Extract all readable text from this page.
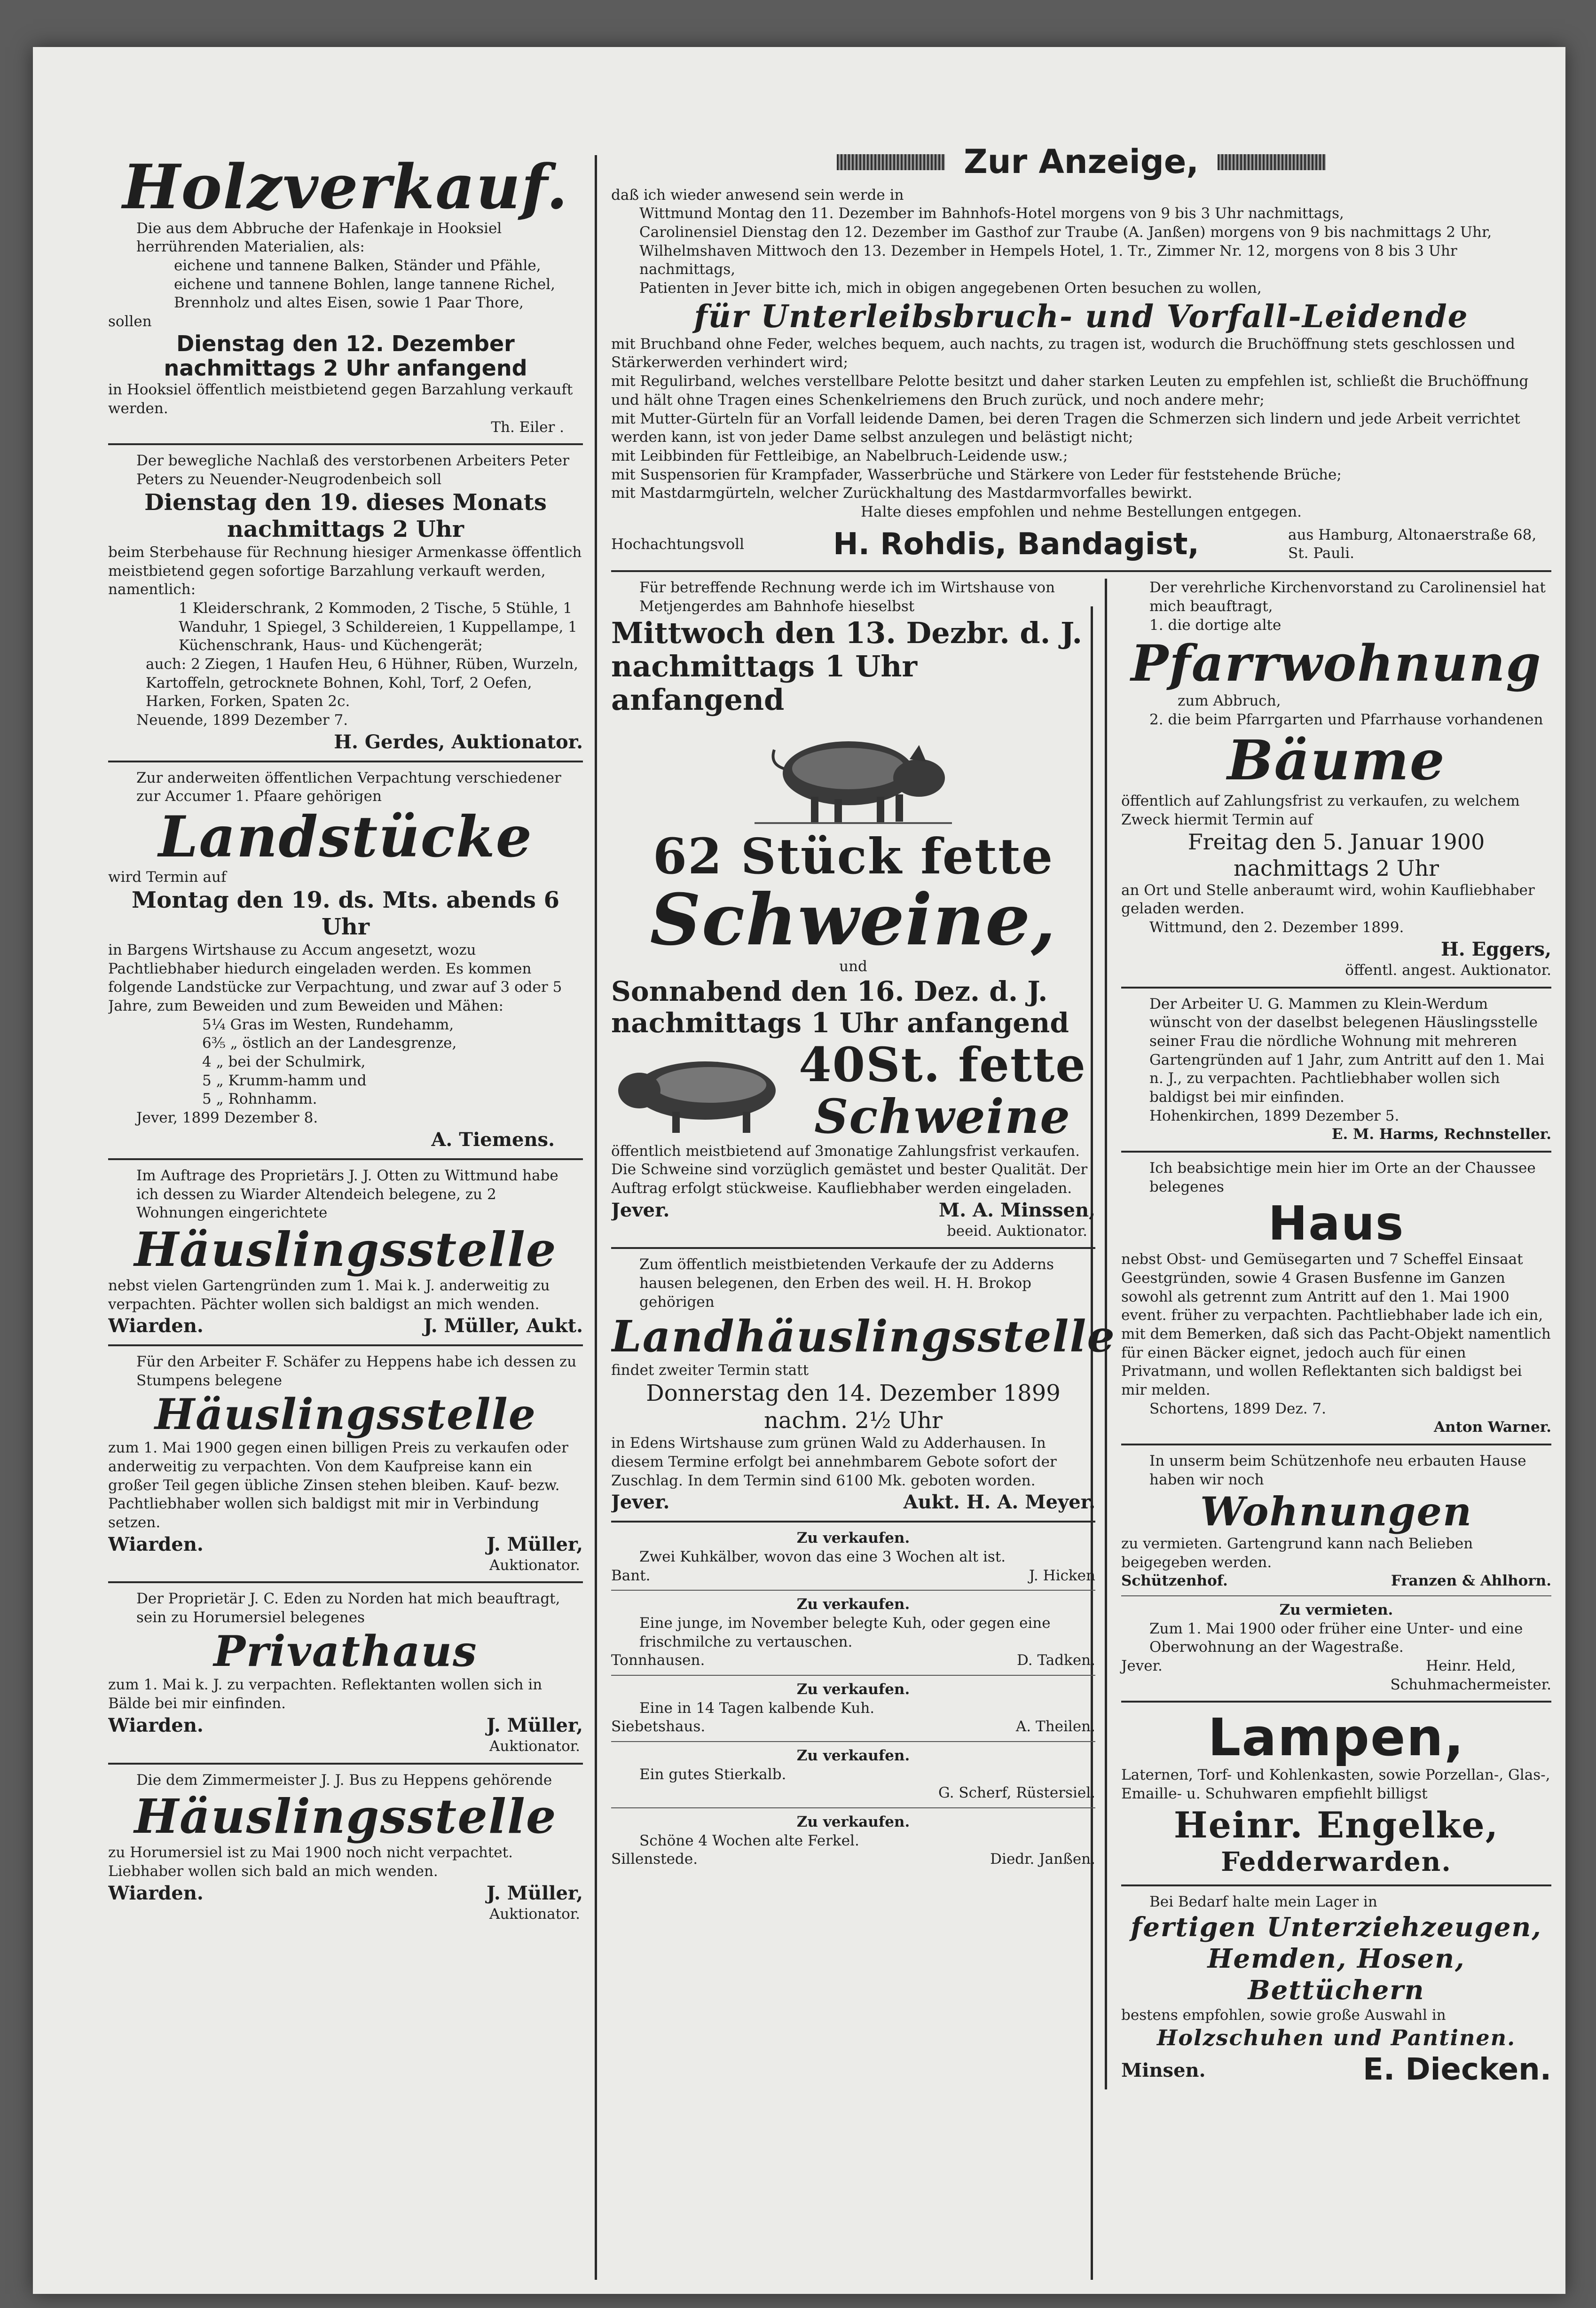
Holzverkauf.

Die aus dem Abbruche der Hafenkaje in Hooksiel herrührenden Materialien, als:

eichene und tannene Balken, Ständer und Pfähle, eichene und tannene Bohlen, lange tannene Richel, Brennholz und altes Eisen, sowie 1 Paar Thore,

sollen

Dienstag den 12. Dezember nachmittags 2 Uhr anfangend

in Hooksiel öffentlich meistbietend gegen Barzahlung verkauft werden.

Th. Eiler .

Der bewegliche Nachlaß des verstorbenen Arbeiters Peter Peters zu Neuender-Neugrodenbeich soll

Dienstag den 19. dieses Monats nachmittags 2 Uhr

beim Sterbehause für Rechnung hiesiger Armenkasse öffentlich meistbietend gegen sofortige Barzahlung verkauft werden, namentlich:

1 Kleiderschrank, 2 Kommoden, 2 Tische, 5 Stühle, 1 Wanduhr, 1 Spiegel, 3 Schildereien, 1 Kuppellampe, 1 Küchenschrank, Haus- und Küchengerät;

auch: 2 Ziegen, 1 Haufen Heu, 6 Hühner, Rüben, Wurzeln, Kartoffeln, getrocknete Bohnen, Kohl, Torf, 2 Oefen, Harken, Forken, Spaten 2c.

Neuende, 1899 Dezember 7.

H. Gerdes, Auktionator.

Zur anderweiten öffentlichen Verpachtung verschiedener zur Accumer 1. Pfaare gehörigen

Landstücke

wird Termin auf

Montag den 19. ds. Mts. abends 6 Uhr

in Bargens Wirtshause zu Accum angesetzt, wozu Pachtliebhaber hiedurch eingeladen werden. Es kommen folgende Landstücke zur Verpachtung, und zwar auf 3 oder 5 Jahre, zum Beweiden und zum Beweiden und Mähen:

5¼ Gras im Westen, Rundehamm,

6⅗ „ östlich an der Landesgrenze,

4 „ bei der Schulmirk,

5 „ Krumm-hamm und

5 „ Rohnhamm.

Jever, 1899 Dezember 8.

A. Tiemens.

Im Auftrage des Proprietärs J. J. Otten zu Wittmund habe ich dessen zu Wiarder Altendeich belegene, zu 2 Wohnungen eingerichtete

Häuslingsstelle

nebst vielen Gartengründen zum 1. Mai k. J. anderweitig zu verpachten. Pächter wollen sich baldigst an mich wenden.

Wiarden.	J. Müller, Aukt.

Für den Arbeiter F. Schäfer zu Heppens habe ich dessen zu Stumpens belegene

Häuslingsstelle

zum 1. Mai 1900 gegen einen billigen Preis zu verkaufen oder anderweitig zu verpachten. Von dem Kaufpreise kann ein großer Teil gegen übliche Zinsen stehen bleiben. Kauf- bezw. Pachtliebhaber wollen sich baldigst mit mir in Verbindung setzen.

Wiarden.	J. Müller,
Auktionator.

Der Proprietär J. C. Eden zu Norden hat mich beauftragt, sein zu Horumersiel belegenes

Privathaus

zum 1. Mai k. J. zu verpachten. Reflektanten wollen sich in Bälde bei mir einfinden.

Wiarden.	J. Müller,
Auktionator.

Die dem Zimmermeister J. J. Bus zu Heppens gehörende

Häuslingsstelle

zu Horumersiel ist zu Mai 1900 noch nicht verpachtet. Liebhaber wollen sich bald an mich wenden.

Wiarden.	J. Müller,
Auktionator.
Zur Anzeige,

daß ich wieder anwesend sein werde in

Wittmund Montag den 11. Dezember im Bahnhofs-Hotel morgens von 9 bis 3 Uhr nachmittags,

Carolinensiel Dienstag den 12. Dezember im Gasthof zur Traube (A. Janßen) morgens von 9 bis nachmittags 2 Uhr,

Wilhelmshaven Mittwoch den 13. Dezember in Hempels Hotel, 1. Tr., Zimmer Nr. 12, morgens von 8 bis 3 Uhr nachmittags,

Patienten in Jever bitte ich, mich in obigen angegebenen Orten besuchen zu wollen,

für Unterleibsbruch- und Vorfall-Leidende

mit Bruchband ohne Feder, welches bequem, auch nachts, zu tragen ist, wodurch die Bruchöffnung stets geschlossen und Stärkerwerden verhindert wird;

mit Regulirband, welches verstellbare Pelotte besitzt und daher starken Leuten zu empfehlen ist, schließt die Bruchöffnung und hält ohne Tragen eines Schenkelriemens den Bruch zurück, und noch andere mehr;

mit Mutter-Gürteln für an Vorfall leidende Damen, bei deren Tragen die Schmerzen sich lindern und jede Arbeit verrichtet werden kann, ist von jeder Dame selbst anzulegen und belästigt nicht;

mit Leibbinden für Fettleibige, an Nabelbruch-Leidende usw.;

mit Suspensorien für Krampfader, Wasserbrüche und Stärkere von Leder für feststehende Brüche;

mit Mastdarmgürteln, welcher Zurückhaltung des Mastdarmvorfalles bewirkt.

Halte dieses empfohlen und nehme Bestellungen entgegen.

Hochachtungsvoll	H. Rohdis, Bandagist,	aus Hamburg, Altonaerstraße 68, St. Pauli.

Für betreffende Rechnung werde ich im Wirtshause von Metjengerdes am Bahnhofe hieselbst

Mittwoch den 13. Dezbr. d. J. nachmittags 1 Uhr anfangend

62 Stück fette
Schweine,

und

Sonnabend den 16. Dez. d. J. nachmittags 1 Uhr anfangend

40St. fette
Schweine

öffentlich meistbietend auf 3monatige Zahlungsfrist verkaufen. Die Schweine sind vorzüglich gemästet und bester Qualität. Der Auftrag erfolgt stückweise. Kaufliebhaber werden eingeladen.

Jever.	M. A. Minssen,
beeid. Auktionator.

Zum öffentlich meistbietenden Verkaufe der zu Adderns hausen belegenen, den Erben des weil. H. H. Brokop gehörigen

Landhäuslingsstelle

findet zweiter Termin statt

Donnerstag den 14. Dezember 1899 nachm. 2½ Uhr

in Edens Wirtshause zum grünen Wald zu Adderhausen. In diesem Termine erfolgt bei annehmbarem Gebote sofort der Zuschlag. In dem Termin sind 6100 Mk. geboten worden.

Jever.	Aukt. H. A. Meyer.

Zu verkaufen.

Zwei Kuhkälber, wovon das eine 3 Wochen alt ist.

Bant.	J. Hicken

Zu verkaufen.

Eine junge, im November belegte Kuh, oder gegen eine frischmilche zu vertauschen.

Tonnhausen.	D. Tadken.

Zu verkaufen.

Eine in 14 Tagen kalbende Kuh.

Siebetshaus.	A. Theilen.

Zu verkaufen.

Ein gutes Stierkalb.

G. Scherf, Rüstersiel.

Zu verkaufen.

Schöne 4 Wochen alte Ferkel.

Sillenstede.	Diedr. Janßen.

Der verehrliche Kirchenvorstand zu Carolinensiel hat mich beauftragt,

1. die dortige alte

Pfarrwohnung

zum Abbruch,

2. die beim Pfarrgarten und Pfarrhause vorhandenen

Bäume

öffentlich auf Zahlungsfrist zu verkaufen, zu welchem Zweck hiermit Termin auf

Freitag den 5. Januar 1900 nachmittags 2 Uhr

an Ort und Stelle anberaumt wird, wohin Kaufliebhaber geladen werden.

Wittmund, den 2. Dezember 1899.

H. Eggers,
öffentl. angest. Auktionator.

Der Arbeiter U. G. Mammen zu Klein-Werdum wünscht von der daselbst belegenen Häuslingsstelle seiner Frau die nördliche Wohnung mit mehreren Gartengründen auf 1 Jahr, zum Antritt auf den 1. Mai n. J., zu verpachten. Pachtliebhaber wollen sich baldigst bei mir einfinden.

Hohenkirchen, 1899 Dezember 5.

E. M. Harms, Rechnsteller.

Ich beabsichtige mein hier im Orte an der Chaussee belegenes

Haus

nebst Obst- und Gemüsegarten und 7 Scheffel Einsaat Geestgründen, sowie 4 Grasen Busfenne im Ganzen sowohl als getrennt zum Antritt auf den 1. Mai 1900 event. früher zu verpachten. Pachtliebhaber lade ich ein, mit dem Bemerken, daß sich das Pacht-Objekt namentlich für einen Bäcker eignet, jedoch auch für einen Privatmann, und wollen Reflektanten sich baldigst bei mir melden.

Schortens, 1899 Dez. 7.

Anton Warner.

In unserm beim Schützenhofe neu erbauten Hause haben wir noch

Wohnungen

zu vermieten. Gartengrund kann nach Belieben beigegeben werden.

Schützenhof.	Franzen & Ahlhorn.

Zu vermieten.

Zum 1. Mai 1900 oder früher eine Unter- und eine Oberwohnung an der Wagestraße.

Jever.	Heinr. Held,
Schuhmachermeister.
Lampen,

Laternen, Torf- und Kohlenkasten, sowie Porzellan-, Glas-, Emaille- u. Schuhwaren empfiehlt billigst

Heinr. Engelke,
Fedderwarden.

Bei Bedarf halte mein Lager in

fertigen Unterziehzeugen, Hemden, Hosen, Bettüchern

bestens empfohlen, sowie große Auswahl in

Holzschuhen und Pantinen.
Minsen.	E. Diecken.
